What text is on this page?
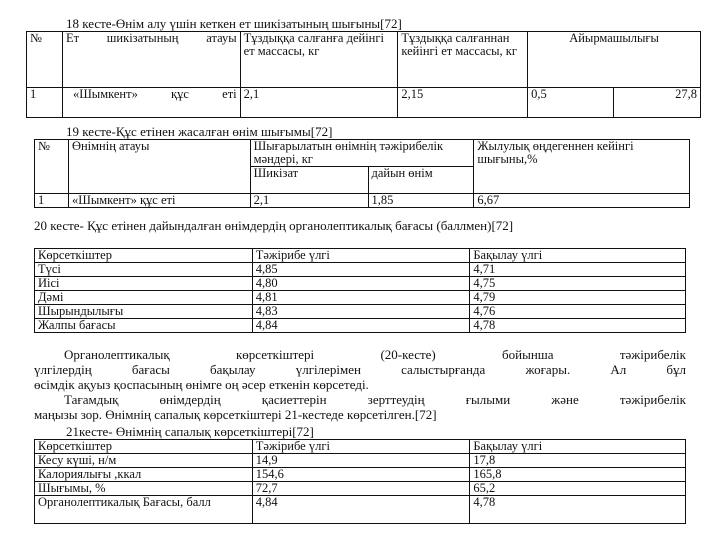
18 кесте-Өнім алу үшін кеткен ет шикізатының шығыны[72]
№	Ет шикізатының атауы	Тұздыққа салғанға дейінгі ет массасы, кг	Тұздыққа салғаннан кейінгі ет массасы, кг	Айырмашылығы	
1	«Шымкент» құс еті	2,1	2,15	0,5	27,8
19 кесте-Құс етінен жасалған өнім шығымы[72]
№	Өнімнің атауы	Шығарылатын өнімнің тәжірибелік мәндері, кг		Жылулық өңдегеннен кейінгі шығыны,%
		Шикізат	дайын өнім	
1	«Шымкент» құс еті	2,1	1,85	6,67
20 кесте- Құс етінен дайындалған өнімдердің органолептикалық бағасы (баллмен)[72]
Көрсеткіштер	Тәжірибе үлгі	Бақылау үлгі
Түсі	4,85	4,71
Иісі	4,80	4,75
Дәмі	4,81	4,79
Шырындылығы	4,83	4,76
Жалпы бағасы	4,84	4,78
Органолептикалық көрсеткіштері (20-кесте) бойынша тәжірибелік
үлгілердің бағасы бақылау үлгілерімен салыстырғанда жоғары. Ал бұл
өсімдік ақуыз қоспасының өнімге оң әсер еткенін көрсетеді.
Тағамдық өнімдердің қасиеттерін зерттеудің ғылыми және тәжірибелік
маңызы зор. Өнімнің сапалық көрсеткіштері 21-кестеде көрсетілген.[72]
21кесте- Өнімнің сапалық көрсеткіштері[72]
Көрсеткіштер	Тәжірибе үлгі	Бақылау үлгі
Кесу күші, н/м	14,9	17,8
Калориялығы ,ккал	154,6	165,8
Шығымы, %	72,7	65,2
Органолептикалық Бағасы, балл	4,84	4,78
